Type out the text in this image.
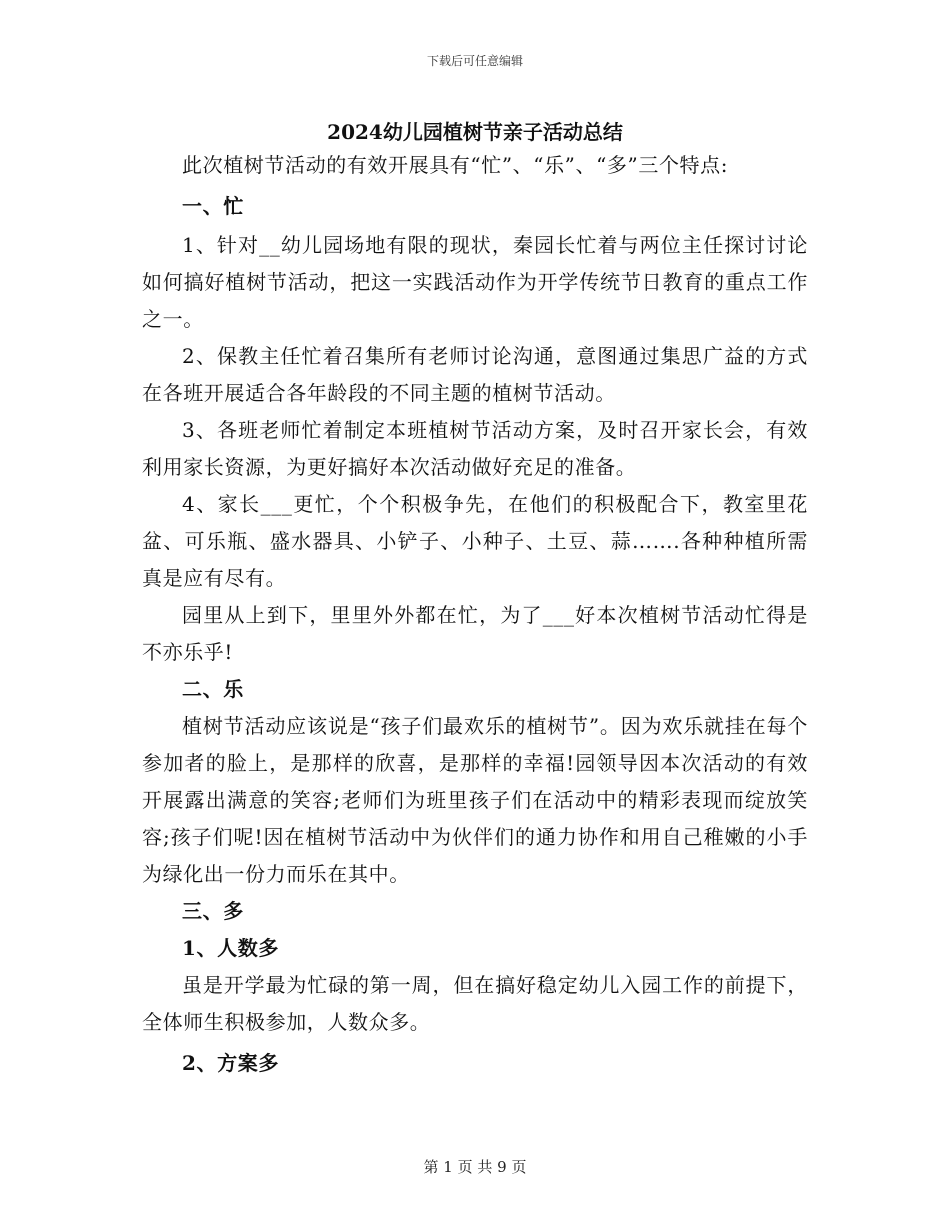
下载后可任意编辑
2024幼儿园植树节亲子活动总结

此次植树节活动的有效开展具有“忙”、“乐”、“多”三个特点:

一、忙

1、针对__幼儿园场地有限的现状，秦园长忙着与两位主任探讨讨论如何搞好植树节活动，把这一实践活动作为开学传统节日教育的重点工作之一。

2、保教主任忙着召集所有老师讨论沟通，意图通过集思广益的方式在各班开展适合各年龄段的不同主题的植树节活动。

3、各班老师忙着制定本班植树节活动方案，及时召开家长会，有效利用家长资源，为更好搞好本次活动做好充足的准备。

4、家长___更忙，个个积极争先，在他们的积极配合下，教室里花盆、可乐瓶、盛水器具、小铲子、小种子、土豆、蒜…….各种种植所需真是应有尽有。

园里从上到下，里里外外都在忙，为了___好本次植树节活动忙得是不亦乐乎!

二、乐

植树节活动应该说是“孩子们最欢乐的植树节”。因为欢乐就挂在每个参加者的脸上，是那样的欣喜，是那样的幸福!园领导因本次活动的有效开展露出满意的笑容;老师们为班里孩子们在活动中的精彩表现而绽放笑容;孩子们呢!因在植树节活动中为伙伴们的通力协作和用自己稚嫩的小手为绿化出一份力而乐在其中。

三、多

1、人数多

虽是开学最为忙碌的第一周，但在搞好稳定幼儿入园工作的前提下，全体师生积极参加，人数众多。

2、方案多

第 1 页 共 9 页
